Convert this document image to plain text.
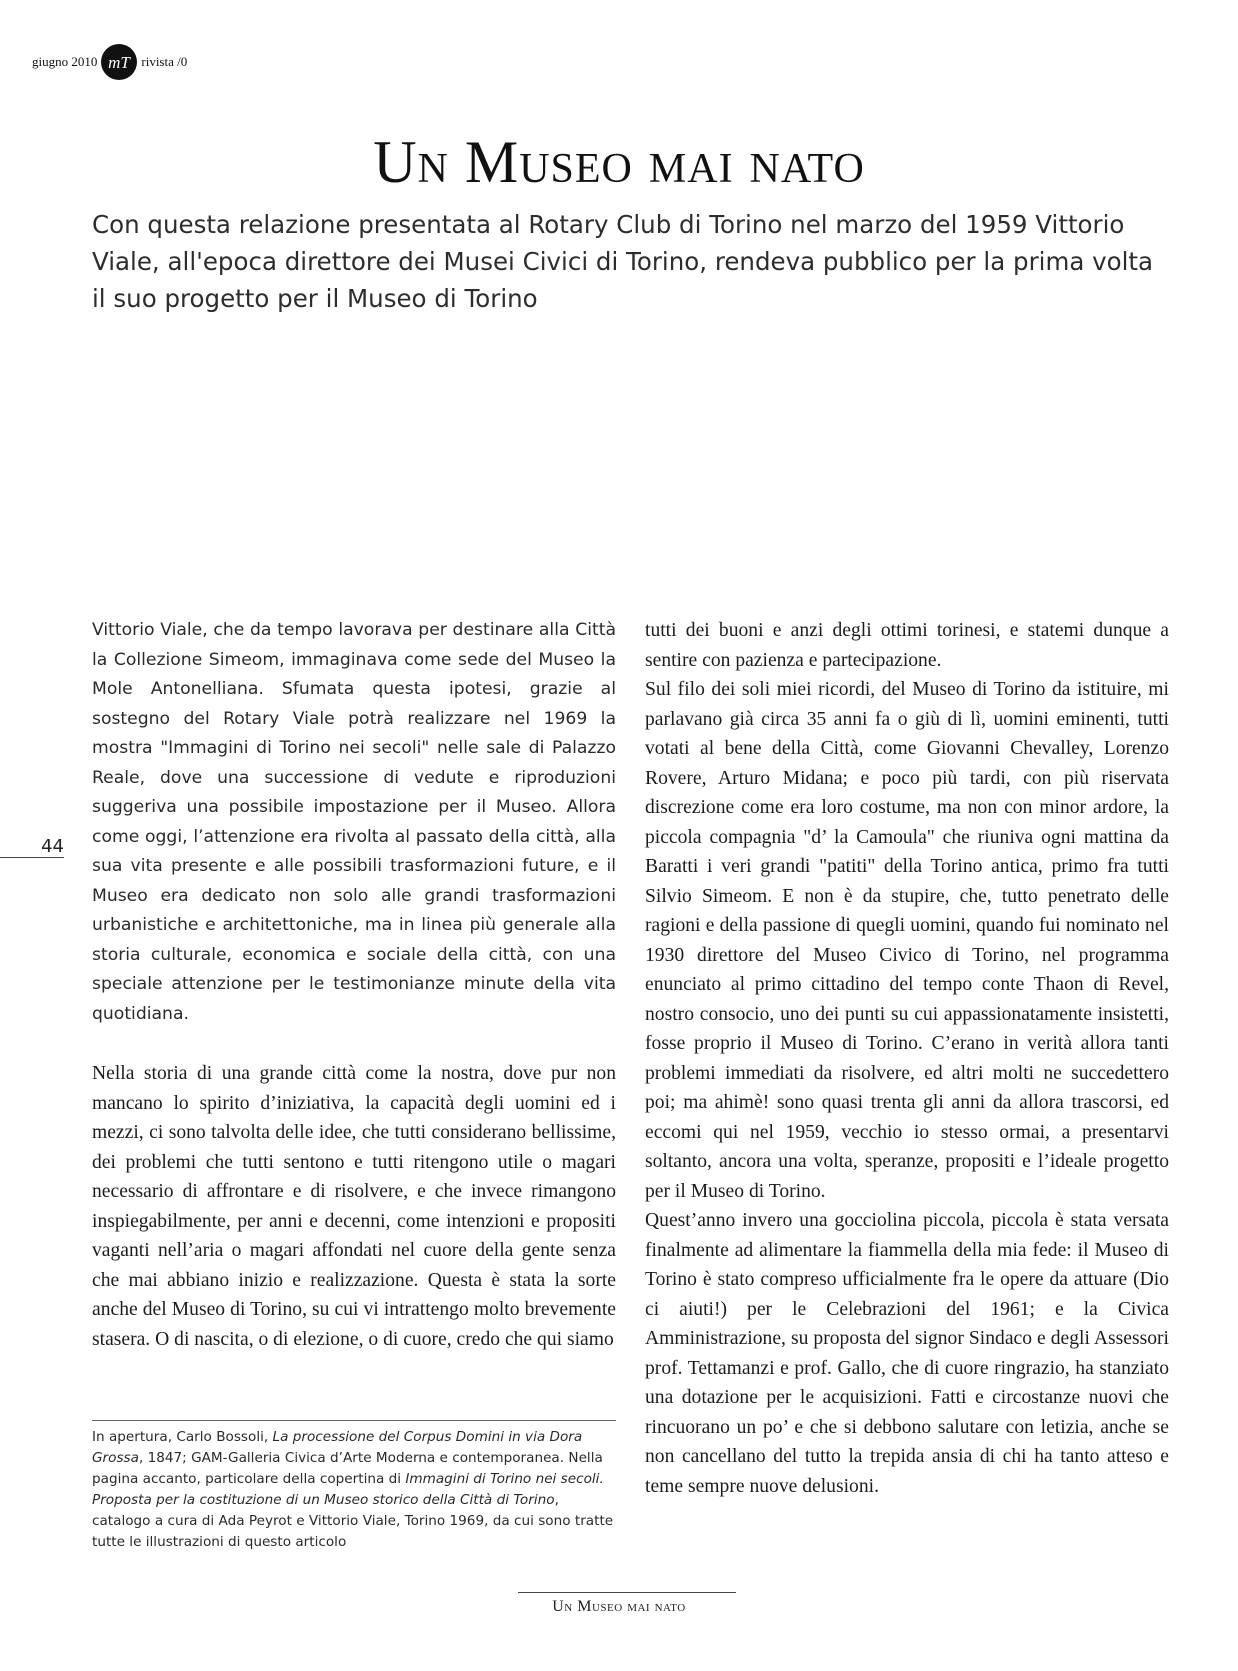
giugno 2010 mT rivista /0
Un Museo mai nato
Con questa relazione presentata al Rotary Club di Torino nel marzo del 1959 Vittorio Viale, all'epoca direttore dei Musei Civici di Torino, rendeva pubblico per la prima volta il suo progetto per il Museo di Torino
44

Vittorio Viale, che da tempo lavorava per destinare alla Città la Collezione Simeom, immaginava come sede del Museo la Mole Antonelliana. Sfumata questa ipotesi, grazie al sostegno del Rotary Viale potrà realizzare nel 1969 la mostra "Immagini di Torino nei secoli" nelle sale di Palazzo Reale, dove una successione di vedute e riproduzioni suggeriva una possibile impostazione per il Museo. Allora come oggi, l’attenzione era rivolta al passato della città, alla sua vita presente e alle possibili trasformazioni future, e il Museo era dedicato non solo alle grandi trasformazioni urbanistiche e architettoniche, ma in linea più generale alla storia culturale, economica e sociale della città, con una speciale attenzione per le testimonianze minute della vita quotidiana.

Nella storia di una grande città come la nostra, dove pur non mancano lo spirito d’iniziativa, la capacità degli uomini ed i mezzi, ci sono talvolta delle idee, che tutti considerano bellissime, dei problemi che tutti sentono e tutti ritengono utile o magari necessario di affrontare e di risolvere, e che invece rimangono inspiegabilmente, per anni e decenni, come intenzioni e propositi vaganti nell’aria o magari affondati nel cuore della gente senza che mai abbiano inizio e realizzazione. Questa è stata la sorte anche del Museo di Torino, su cui vi intrattengo molto brevemente stasera. O di nascita, o di elezione, o di cuore, credo che qui siamo

In apertura, Carlo Bossoli, La processione del Corpus Domini in via Dora Grossa, 1847; GAM-Galleria Civica d’Arte Moderna e contemporanea. Nella pagina accanto, particolare della copertina di Immagini di Torino nei secoli. Proposta per la costituzione di un Museo storico della Città di Torino, catalogo a cura di Ada Peyrot e Vittorio Viale, Torino 1969, da cui sono tratte tutte le illustrazioni di questo articolo

tutti dei buoni e anzi degli ottimi torinesi, e statemi dunque a sentire con pazienza e partecipazione.

Sul filo dei soli miei ricordi, del Museo di Torino da istituire, mi parlavano già circa 35 anni fa o giù di lì, uomini eminenti, tutti votati al bene della Città, come Giovanni Chevalley, Lorenzo Rovere, Arturo Midana; e poco più tardi, con più riservata discrezione come era loro costume, ma non con minor ardore, la piccola compagnia "d’ la Camoula" che riuniva ogni mattina da Baratti i veri grandi "patiti" della Torino antica, primo fra tutti Silvio Simeom. E non è da stupire, che, tutto penetrato delle ragioni e della passione di quegli uomini, quando fui nominato nel 1930 direttore del Museo Civico di Torino, nel programma enunciato al primo cittadino del tempo conte Thaon di Revel, nostro consocio, uno dei punti su cui appassionatamente insistetti, fosse proprio il Museo di Torino. C’erano in verità allora tanti problemi immediati da risolvere, ed altri molti ne succedettero poi; ma ahimè! sono quasi trenta gli anni da allora trascorsi, ed eccomi qui nel 1959, vecchio io stesso ormai, a presentarvi soltanto, ancora una volta, speranze, propositi e l’ideale progetto per il Museo di Torino.

Quest’anno invero una gocciolina piccola, piccola è stata versata finalmente ad alimentare la fiammella della mia fede: il Museo di Torino è stato compreso ufficialmente fra le opere da attuare (Dio ci aiuti!) per le Celebrazioni del 1961; e la Civica Amministrazione, su proposta del signor Sindaco e degli Assessori prof. Tettamanzi e prof. Gallo, che di cuore ringrazio, ha stanziato una dotazione per le acquisizioni. Fatti e circostanze nuovi che rincuorano un po’ e che si debbono salutare con letizia, anche se non cancellano del tutto la trepida ansia di chi ha tanto atteso e teme sempre nuove delusioni.

Un Museo mai nato
